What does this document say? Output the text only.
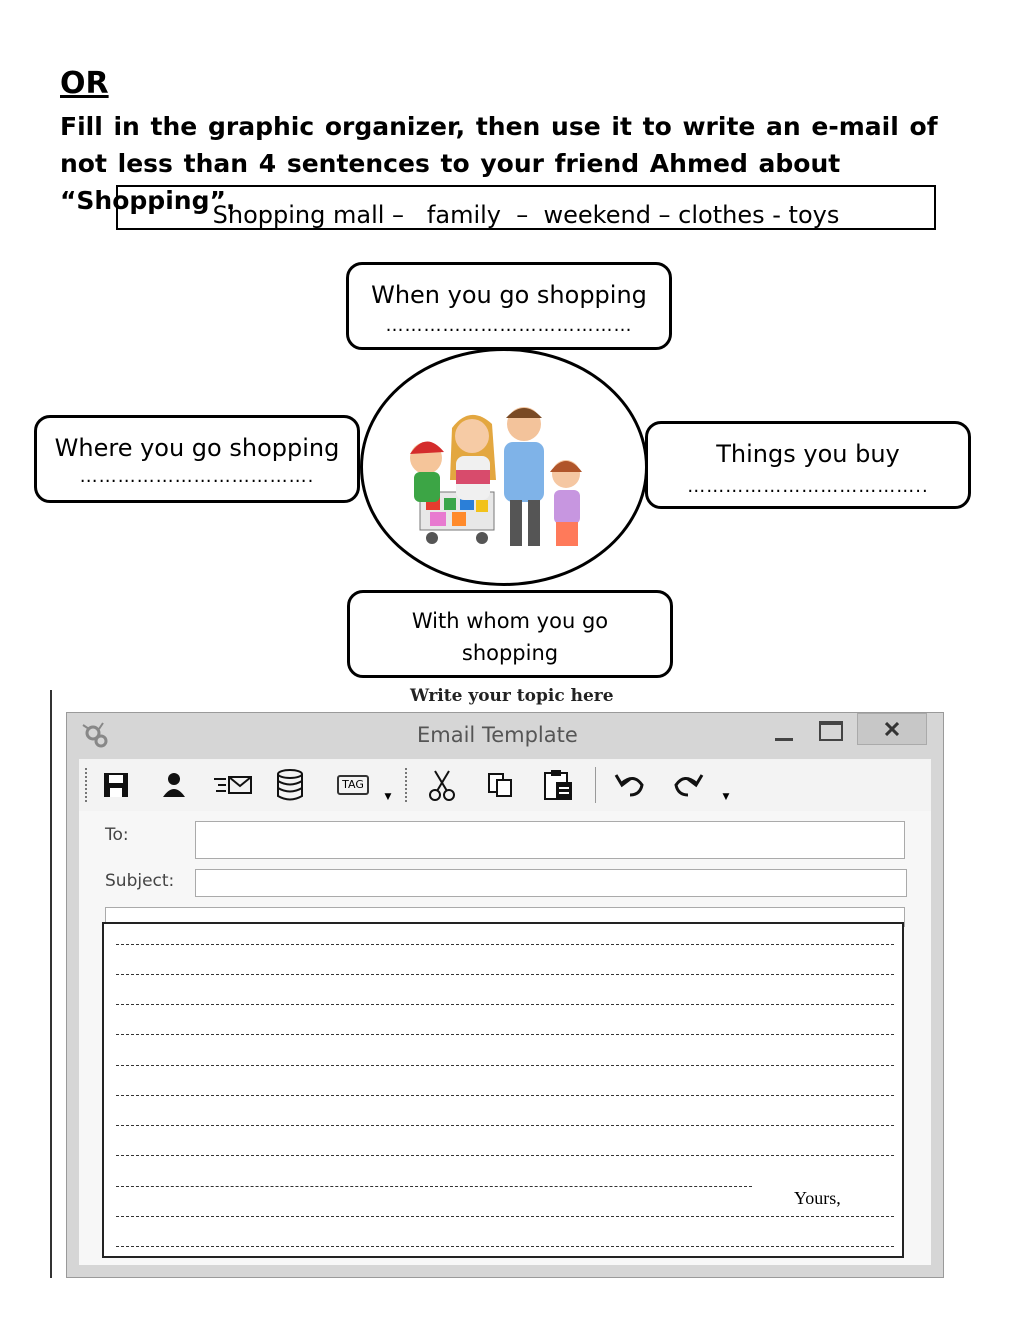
OR
Fill in the graphic organizer, then use it to write an e-mail of not less than 4 sentences to your friend Ahmed about “Shopping”.
Shopping mall –   family  –  weekend – clothes - toys
When you go shopping
…………………………………
Where you go shopping
……………………………….
Things you buy
………………………………..
With whom you go shopping
Write your topic here
Email Template
TAG
▼	▼
To:
Subject:
Yours,
